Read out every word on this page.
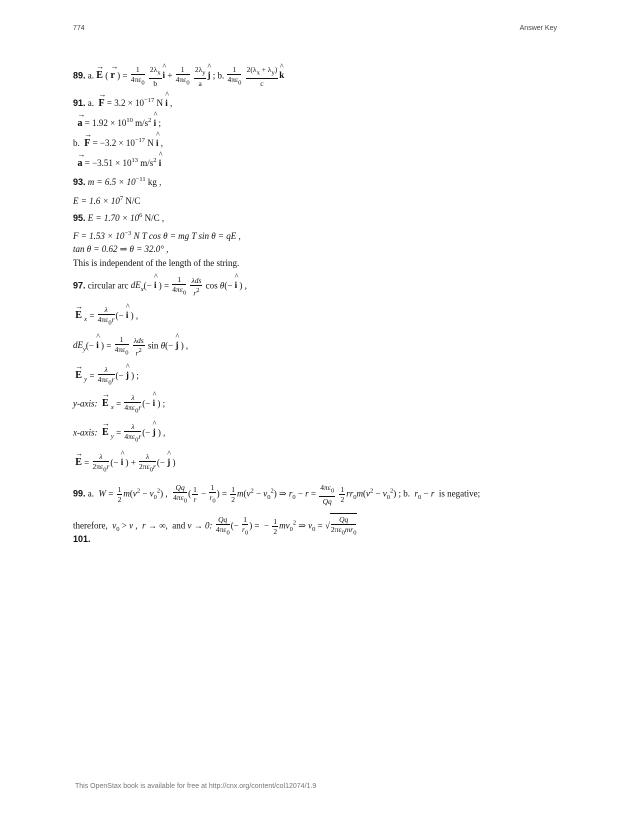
774	Answer Key
89. a. → E ( → r ) = $\frac{1}{4\pi\varepsilon_0}$
$\frac{2\lambda_x}{b}$ ^ $i + \frac{1}{4\pi\varepsilon_0}$
$\frac{2\lambda_y}{a}$ ^ j ; b. $\frac{1}{4\pi\varepsilon_0}$
$\frac{2(\lambda_x + \lambda_y)}{c}$ ^ k
91. a. → $F = 3.2 \times 10^{-17}$ N ^ i ,
→ $a = 1.92 \times 10^{10}$ $m/s^2$ ^ i ;
b. → $F = -3.2 \times 10^{-17}$ N ^ i ,
→ $a = -3.51 \times 10^{13}$ $m/s^2$ ^ i
93. $m = 6.5 \times 10^{-11}$ kg ,
$E = 1.6 \times 10^7$ N/C
95. $E = 1.70 \times 10^6$ N/C ,
$F = 1.53 \times 10^{-3}$ N T cos θ = mg T sin θ = qE ,
tan θ = 0.62 ⇒ θ = 32.0° ,
This is independent of the length of the string.
97. circular arc $dE_x(-$ ^ i ) = $\frac{1}{4\pi\varepsilon_0}$
$\frac{\text{λds}}{r^2}$ cos θ(− ^ i ) ,
→ E $_x = \frac{\lambda}{4\pi\varepsilon_0r}$ (− ^ i ) ,
$dE_y(-$ ^ i ) = $\frac{1}{4\pi\varepsilon_0}$
$\frac{\text{λds}}{r^2}$ sin θ(− ^ j ) ,
→ E $_y = \frac{\lambda}{4\pi\varepsilon_0r}$ (− ^ j ) ;
y-axis: → E $_x = \frac{\lambda}{4\pi\varepsilon_0r}$ (− ^ i ) ;
x-axis: → E $_y = \frac{\lambda}{4\pi\varepsilon_0r}$ (− ^ j ) ,
→ $E = \frac{\lambda}{2\pi\varepsilon_0r}$ (− ^ i ) + $\frac{\lambda}{2\pi\varepsilon_0r}$ (− ^ j )
99. a. $W = \frac{1}{2} m(v^2 - v_0^2)$ , $\frac{Qq}{4\pi\varepsilon_0}$ ( $\frac{1}{r} - \frac{1}{r_0}$ ) = $\frac{1}{2} m(v^2 - v_0^2)$ ⇒ $r_0 - r = \frac{4\pi\varepsilon_0}{Qq}$
$\frac{1}{2} rr_0m(v^2 - v_0^2)$ ; b. $r_0 - r$ is negative;
therefore, $v_0 > v$ ,  r → ∞,  and v → 0: $\frac{Qq}{4\pi\varepsilon_0}$ (− $\frac{1}{r_0}$ ) =  − $\frac{1}{2} mv_0^2$ ⇒ $v_0$ = √ $\frac{Qq}{2\pi\varepsilon_0mr_0}$
101.
This OpenStax book is available for free at http://cnx.org/content/col12074/1.9
